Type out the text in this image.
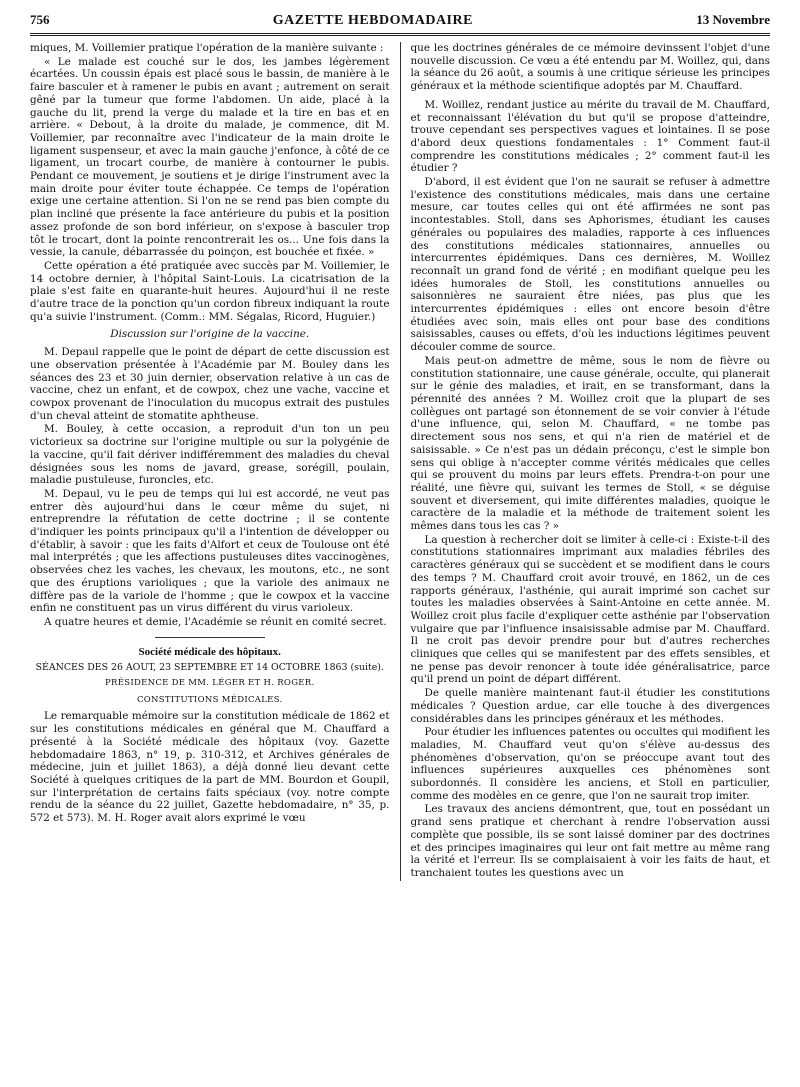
756	GAZETTE HEBDOMADAIRE	13 Novembre

miques, M. Voillemier pratique l'opération de la manière suivante :

« Le malade est couché sur le dos, les jambes légèrement écartées. Un coussin épais est placé sous le bassin, de manière à le faire basculer et à ramener le pubis en avant ; autrement on serait gêné par la tumeur que forme l'abdomen. Un aide, placé à la gauche du lit, prend la verge du malade et la tire en bas et en arrière. « Debout, à la droite du malade, je commence, dit M. Voillemier, par reconnaître avec l'indicateur de la main droite le ligament suspenseur, et avec la main gauche j'enfonce, à côté de ce ligament, un trocart courbe, de manière à contourner le pubis. Pendant ce mouvement, je soutiens et je dirige l'instrument avec la main droite pour éviter toute échappée. Ce temps de l'opération exige une certaine attention. Si l'on ne se rend pas bien compte du plan incliné que présente la face antérieure du pubis et la position assez profonde de son bord inférieur, on s'expose à basculer trop tôt le trocart, dont la pointe rencontrerait les os... Une fois dans la vessie, la canule, débarrassée du poinçon, est bouchée et fixée. »

Cette opération a été pratiquée avec succès par M. Voillemier, le 14 octobre dernier, à l'hôpital Saint-Louis. La cicatrisation de la plaie s'est faite en quarante-huit heures. Aujourd'hui il ne reste d'autre trace de la ponction qu'un cordon fibreux indiquant la route qu'a suivie l'instrument. (Comm.: MM. Ségalas, Ricord, Huguier.)

Discussion sur l'origine de la vaccine.

M. Depaul rappelle que le point de départ de cette discussion est une observation présentée à l'Académie par M. Bouley dans les séances des 23 et 30 juin dernier, observation relative à un cas de vaccine, chez un enfant, et de cowpox, chez une vache, vaccine et cowpox provenant de l'inoculation du mucopus extrait des pustules d'un cheval atteint de stomatite aphtheuse.

M. Bouley, à cette occasion, a reproduit d'un ton un peu victorieux sa doctrine sur l'origine multiple ou sur la polygénie de la vaccine, qu'il fait dériver indifféremment des maladies du cheval désignées sous les noms de javard, grease, sorégill, poulain, maladie pustuleuse, furoncles, etc.

M. Depaul, vu le peu de temps qui lui est accordé, ne veut pas entrer dès aujourd'hui dans le cœur même du sujet, ni entreprendre la réfutation de cette doctrine ; il se contente d'indiquer les points principaux qu'il a l'intention de développer ou d'établir, à savoir : que les faits d'Alfort et ceux de Toulouse ont été mal interprétés ; que les affections pustuleuses dites vaccinogènes, observées chez les vaches, les chevaux, les moutons, etc., ne sont que des éruptions varioliques ; que la variole des animaux ne diffère pas de la variole de l'homme ; que le cowpox et la vaccine enfin ne constituent pas un virus différent du virus varioleux.

A quatre heures et demie, l'Académie se réunit en comité secret.

Société médicale des hôpitaux.

SÉANCES DES 26 AOUT, 23 SEPTEMBRE ET 14 OCTOBRE 1863 (suite).

PRÉSIDENCE DE MM. LÉGER ET H. ROGER.

CONSTITUTIONS MÉDICALES.

Le remarquable mémoire sur la constitution médicale de 1862 et sur les constitutions médicales en général que M. Chauffard a présenté à la Société médicale des hôpitaux (voy. Gazette hebdomadaire 1863, n° 19, p. 310-312, et Archives générales de médecine, juin et juillet 1863), a déjà donné lieu devant cette Société à quelques critiques de la part de MM. Bourdon et Goupil, sur l'interprétation de certains faits spéciaux (voy. notre compte rendu de la séance du 22 juillet, Gazette hebdomadaire, n° 35, p. 572 et 573). M. H. Roger avait alors exprimé le vœu

que les doctrines générales de ce mémoire devinssent l'objet d'une nouvelle discussion. Ce vœu a été entendu par M. Woillez, qui, dans la séance du 26 août, a soumis à une critique sérieuse les principes généraux et la méthode scientifique adoptés par M. Chauffard.

M. Woillez, rendant justice au mérite du travail de M. Chauffard, et reconnaissant l'élévation du but qu'il se propose d'atteindre, trouve cependant ses perspectives vagues et lointaines. Il se pose d'abord deux questions fondamentales : 1° Comment faut-il comprendre les constitutions médicales ; 2° comment faut-il les étudier ?

D'abord, il est évident que l'on ne saurait se refuser à admettre l'existence des constitutions médicales, mais dans une certaine mesure, car toutes celles qui ont été affirmées ne sont pas incontestables. Stoll, dans ses Aphorismes, étudiant les causes générales ou populaires des maladies, rapporte à ces influences des constitutions médicales stationnaires, annuelles ou intercurrentes épidémiques. Dans ces dernières, M. Woillez reconnaît un grand fond de vérité ; en modifiant quelque peu les idées humorales de Stoll, les constitutions annuelles ou saisonnières ne sauraient être niées, pas plus que les intercurrentes épidémiques : elles ont encore besoin d'être étudiées avec soin, mais elles ont pour base des conditions saisissables, causes ou effets, d'où les inductions légitimes peuvent découler comme de source.

Mais peut-on admettre de même, sous le nom de fièvre ou constitution stationnaire, une cause générale, occulte, qui planerait sur le génie des maladies, et irait, en se transformant, dans la pérennité des années ? M. Woillez croit que la plupart de ses collègues ont partagé son étonnement de se voir convier à l'étude d'une influence, qui, selon M. Chauffard, « ne tombe pas directement sous nos sens, et qui n'a rien de matériel et de saisissable. » Ce n'est pas un dédain préconçu, c'est le simple bon sens qui oblige à n'accepter comme vérités médicales que celles qui se prouvent du moins par leurs effets. Prendra-t-on pour une réalité, une fièvre qui, suivant les termes de Stoll, « se déguise souvent et diversement, qui imite différentes maladies, quoique le caractère de la maladie et la méthode de traitement soient les mêmes dans tous les cas ? »

La question à rechercher doit se limiter à celle-ci : Existe-t-il des constitutions stationnaires imprimant aux maladies fébriles des caractères généraux qui se succèdent et se modifient dans le cours des temps ? M. Chauffard croit avoir trouvé, en 1862, un de ces rapports généraux, l'asthénie, qui aurait imprimé son cachet sur toutes les maladies observées à Saint-Antoine en cette année. M. Woillez croit plus facile d'expliquer cette asthénie par l'observation vulgaire que par l'influence insaisissable admise par M. Chauffard. Il ne croit pas devoir prendre pour but d'autres recherches cliniques que celles qui se manifestent par des effets sensibles, et ne pense pas devoir renoncer à toute idée généralisatrice, parce qu'il prend un point de départ différent.

De quelle manière maintenant faut-il étudier les constitutions médicales ? Question ardue, car elle touche à des divergences considérables dans les principes généraux et les méthodes.

Pour étudier les influences patentes ou occultes qui modifient les maladies, M. Chauffard veut qu'on s'élève au-dessus des phénomènes d'observation, qu'on se préoccupe avant tout des influences supérieures auxquelles ces phénomènes sont subordonnés. Il considère les anciens, et Stoll en particulier, comme des modèles en ce genre, que l'on ne saurait trop imiter.

Les travaux des anciens démontrent, que, tout en possédant un grand sens pratique et cherchant à rendre l'observation aussi complète que possible, ils se sont laissé dominer par des doctrines et des principes imaginaires qui leur ont fait mettre au même rang la vérité et l'erreur. Ils se complaisaient à voir les faits de haut, et tranchaient toutes les questions avec un
